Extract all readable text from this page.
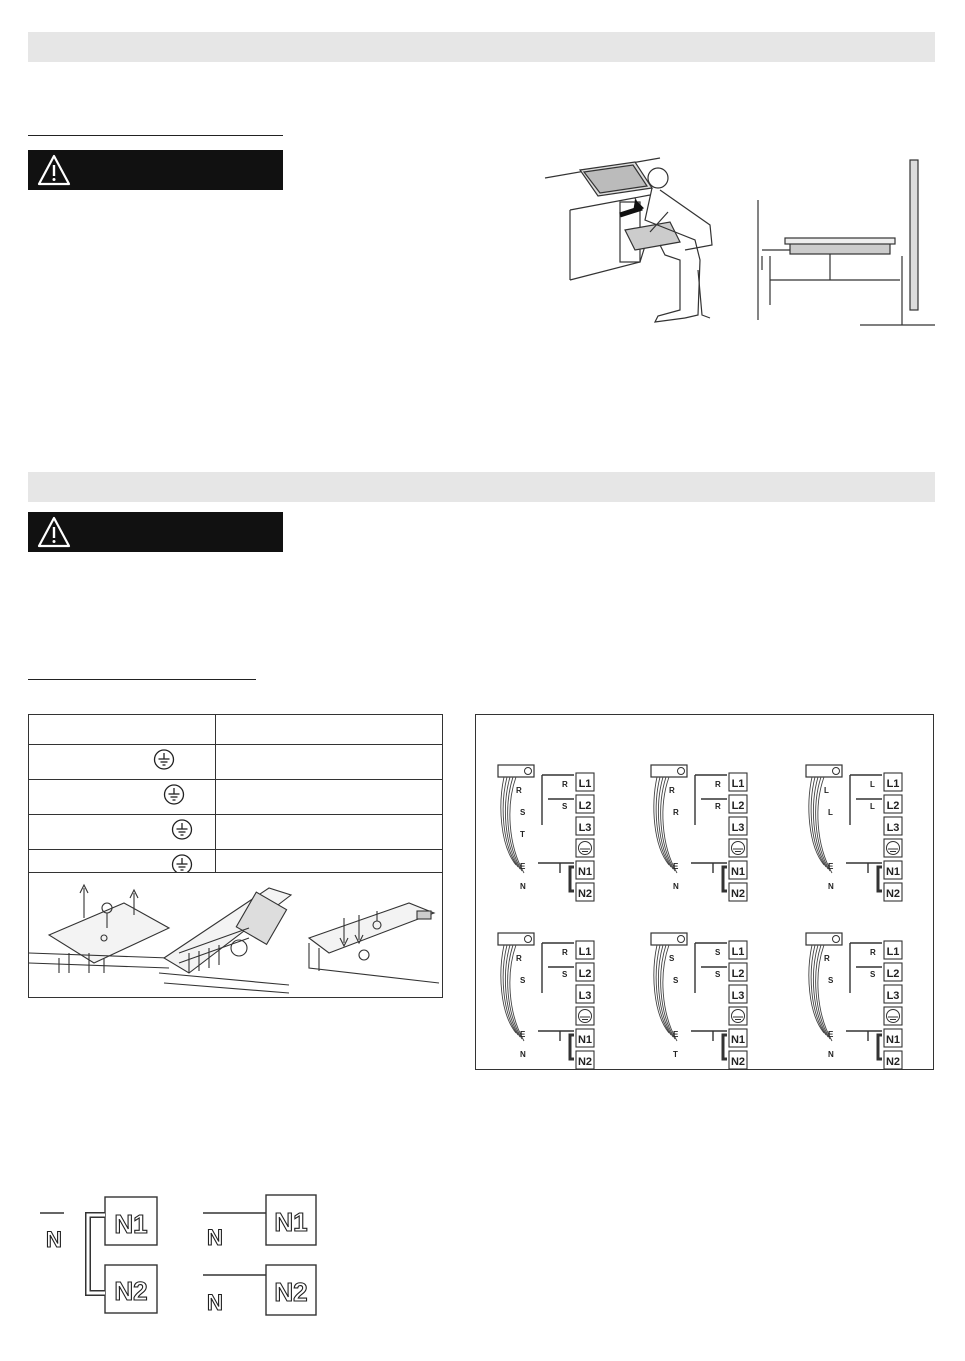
L1
L2
L3
N1
N2
R
R
S
S
T
E
N
L1
L2
L3
N1
N2
R
R
R
R
E
N
L1
L2
L3
N1
N2
L
L
L
L
E
N
L1
L2
L3
N1
N2
R
R
S
S
E
N
L1
L2
L3
N1
N2
S
S
S
S
E
T
L1
L2
L3
N1
N2
R
R
S
S
E
N
N1
N2
N1
N2
N	N
N
